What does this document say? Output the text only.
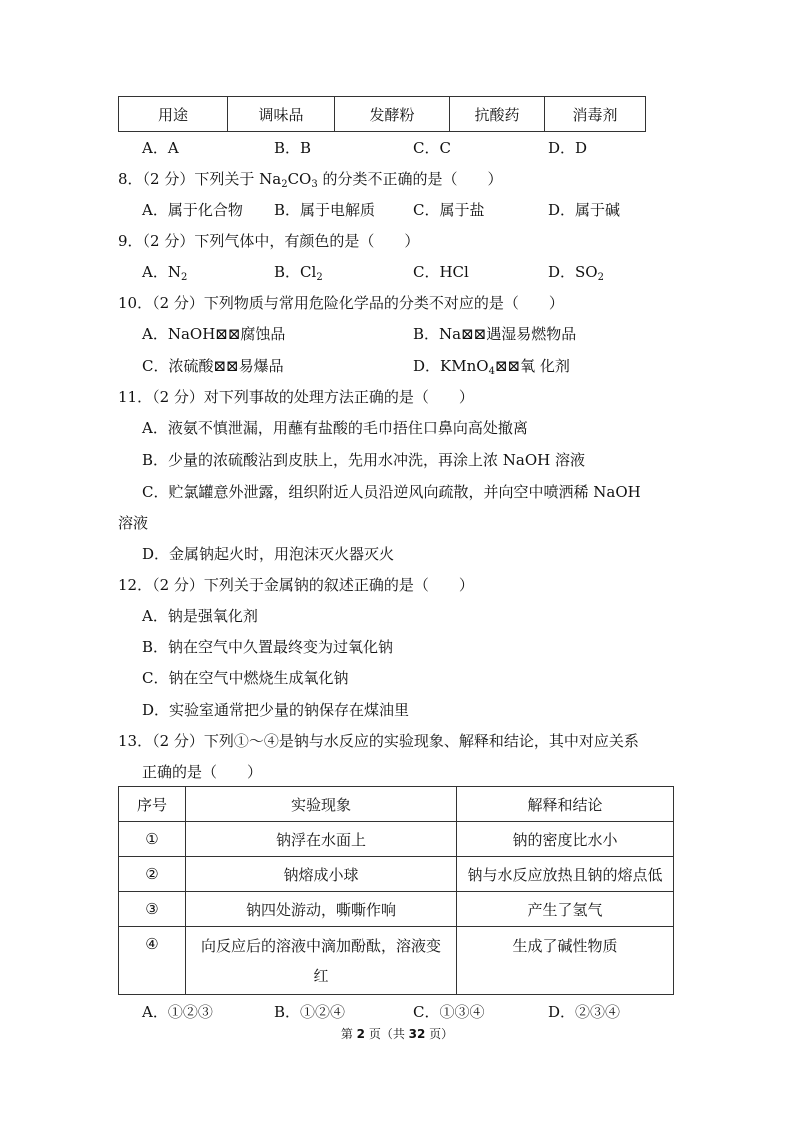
用途	调味品	发酵粉	抗酸药	消毒剂
A．A	B．B	C．C	D．D
8．（2 分）下列关于 $Na_2CO_3$ 的分类不正确的是（　　）
A．属于化合物 B．属于电解质	C．属于盐	D．属于碱
9．（2 分）下列气体中，有颜色的是（　　）
A．$N_2$	B．$Cl_2$	C．HCl	D．$SO_2$
10．（2 分）下列物质与常用危险化学品的分类不对应的是（　　）
A．NaOH⊠⊠腐蚀品	B．Na⊠⊠遇湿易燃物品
C．浓硫酸⊠⊠易爆品	D．KMnO$_4$⊠⊠氧 化剂
11．（2 分）对下列事故的处理方法正确的是（　　）
A．液氨不慎泄漏，用蘸有盐酸的毛巾捂住口鼻向高处撤离
B．少量的浓硫酸沾到皮肤上，先用水冲洗，再涂上浓 NaOH 溶液
C．贮氯罐意外泄露，组织附近人员沿逆风向疏散，并向空中喷洒稀 NaOH
溶液
D．金属钠起火时，用泡沫灭火器灭火
12．（2 分）下列关于金属钠的叙述正确的是（　　）
A．钠是强氧化剂
B．钠在空气中久置最终变为过氧化钠
C．钠在空气中燃烧生成氧化钠
D．实验室通常把少量的钠保存在煤油里
13．（2 分）下列①～④是钠与水反应的实验现象、解释和结论，其中对应关系
正确的是（　　）
序号	实验现象	解释和结论
①	钠浮在水面上	钠的密度比水小
②	钠熔成小球	钠与水反应放热且钠的熔点低
③	钠四处游动，嘶嘶作响	产生了氢气
④	向反应后的溶液中滴加酚酞，溶液变红	生成了碱性物质
A．①②③	B．①②④	C．①③④	D．②③④
第 2 页（共 32 页）
